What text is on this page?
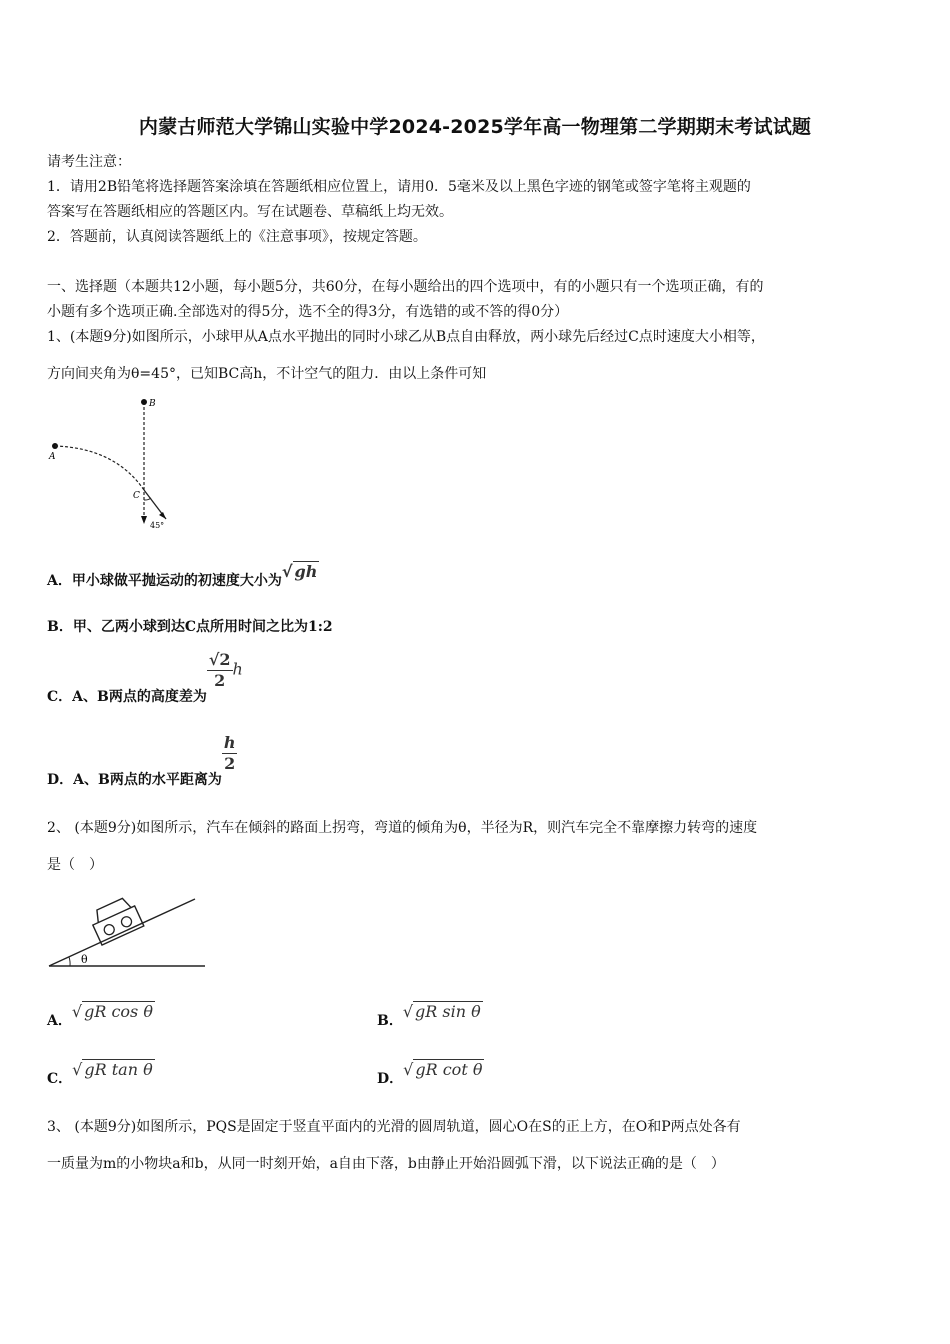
内蒙古师范大学锦山实验中学2024-2025学年高一物理第二学期期末考试试题
请考生注意：
1．请用2B铅笔将选择题答案涂填在答题纸相应位置上，请用0．5毫米及以上黑色字迹的钢笔或签字笔将主观题的
答案写在答题纸相应的答题区内。写在试题卷、草稿纸上均无效。
2．答题前，认真阅读答题纸上的《注意事项》，按规定答题。
一、选择题（本题共12小题，每小题5分，共60分，在每小题给出的四个选项中，有的小题只有一个选项正确，有的
小题有多个选项正确.全部选对的得5分，选不全的得3分，有选错的或不答的得0分）
1、(本题9分)如图所示，小球甲从A点水平抛出的同时小球乙从B点自由释放，两小球先后经过C点时速度大小相等，
方向间夹角为θ=45°，已知BC高h，不计空气的阻力．由以上条件可知
B
A
C
45°
A．甲小球做平抛运动的初速度大小为√ gh
B．甲、乙两小球到达C点所用时间之比为1:2
C．A、B两点的高度差为
$\frac{√2}{2}$ h
D．A、B两点的水平距离为
$\frac{h}{2}$
2、 (本题9分)如图所示，汽车在倾斜的路面上拐弯，弯道的倾角为θ，半径为R，则汽车完全不靠摩擦力转弯的速度
是（　）
θ
A．√ gR cos θ	B．√ gR sin θ
C．√ gR tan θ	D．√ gR cot θ
3、 (本题9分)如图所示，PQS是固定于竖直平面内的光滑的圆周轨道，圆心O在S的正上方，在O和P两点处各有
一质量为m的小物块a和b，从同一时刻开始，a自由下落，b由静止开始沿圆弧下滑，以下说法正确的是（　）
